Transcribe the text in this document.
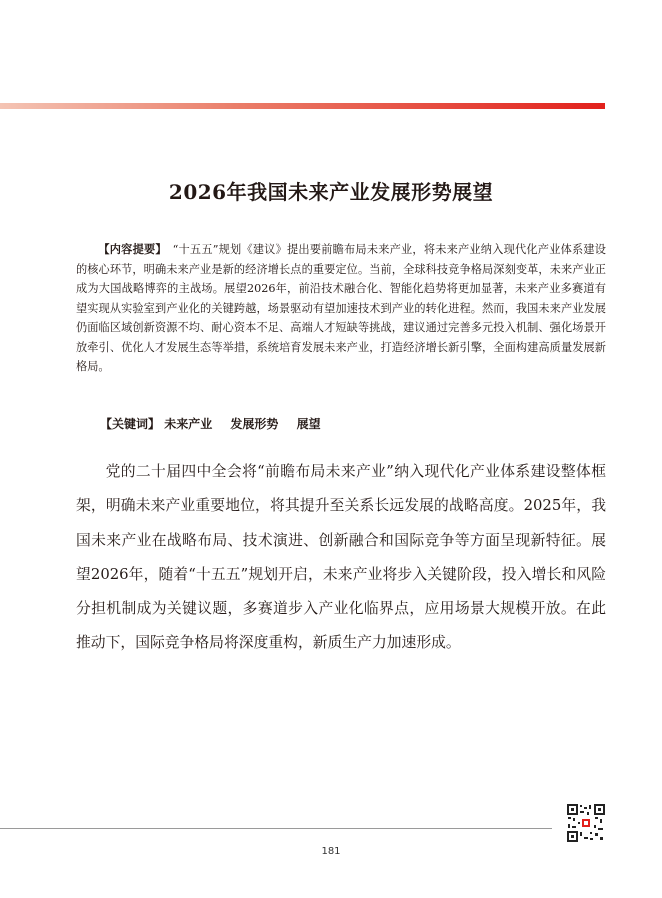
2026年我国未来产业发展形势展望
【内容提要】　 “十五五”规划《建议》提出要前瞻布局未来产业，将未来产业纳入现代化产业体系建设的核心环节，明确未来产业是新的经济增长点的重要定位。当前，全球科技竞争格局深刻变革，未来产业正成为大国战略博弈的主战场。展望2026年，前沿技术融合化、智能化趋势将更加显著，未来产业多赛道有望实现从实验室到产业化的关键跨越，场景驱动有望加速技术到产业的转化进程。然而，我国未来产业发展仍面临区域创新资源不均、耐心资本不足、高端人才短缺等挑战，建议通过完善多元投入机制、强化场景开放牵引、优化人才发展生态等举措，系统培育发展未来产业，打造经济增长新引擎，全面构建高质量发展新格局。
【关键词】 未来产业 发展形势 展望
党的二十届四中全会将“前瞻布局未来产业”纳入现代化产业体系建设整体框架，明确未来产业重要地位，将其提升至关系长远发展的战略高度。2025年，我国未来产业在战略布局、技术演进、创新融合和国际竞争等方面呈现新特征。展望2026年，随着“十五五”规划开启，未来产业将步入关键阶段，投入增长和风险分担机制成为关键议题，多赛道步入产业化临界点，应用场景大规模开放。在此推动下，国际竞争格局将深度重构，新质生产力加速形成。
181
